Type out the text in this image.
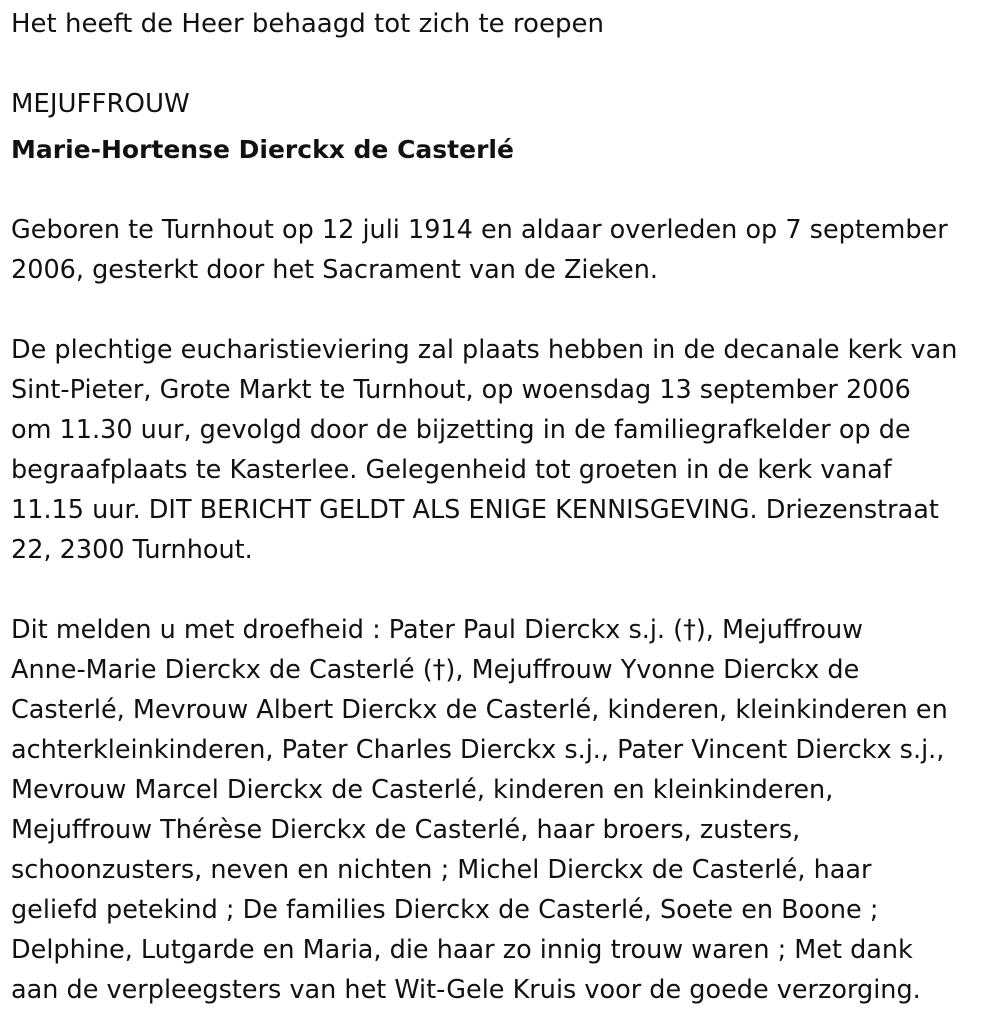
Het heeft de Heer behaagd tot zich te roepen

MEJUFFROUW

Marie-Hortense Dierckx de Casterlé

Geboren te Turnhout op 12 juli 1914 en aldaar overleden op 7 september
2006, gesterkt door het Sacrament van de Zieken.
De plechtige eucharistieviering zal plaats hebben in de decanale kerk van
Sint-Pieter, Grote Markt te Turnhout, op woensdag 13 september 2006
om 11.30 uur, gevolgd door de bijzetting in de familiegrafkelder op de
begraafplaats te Kasterlee. Gelegenheid tot groeten in de kerk vanaf
11.15 uur. DIT BERICHT GELDT ALS ENIGE KENNISGEVING. Driezenstraat
22, 2300 Turnhout.
Dit melden u met droefheid : Pater Paul Dierckx s.j. (†), Mejuffrouw
Anne-Marie Dierckx de Casterlé (†), Mejuffrouw Yvonne Dierckx de
Casterlé, Mevrouw Albert Dierckx de Casterlé, kinderen, kleinkinderen en
achterkleinkinderen, Pater Charles Dierckx s.j., Pater Vincent Dierckx s.j.,
Mevrouw Marcel Dierckx de Casterlé, kinderen en kleinkinderen,
Mejuffrouw Thérèse Dierckx de Casterlé, haar broers, zusters,
schoonzusters, neven en nichten ; Michel Dierckx de Casterlé, haar
geliefd petekind ; De families Dierckx de Casterlé, Soete en Boone ;
Delphine, Lutgarde en Maria, die haar zo innig trouw waren ; Met dank
aan de verpleegsters van het Wit-Gele Kruis voor de goede verzorging.
